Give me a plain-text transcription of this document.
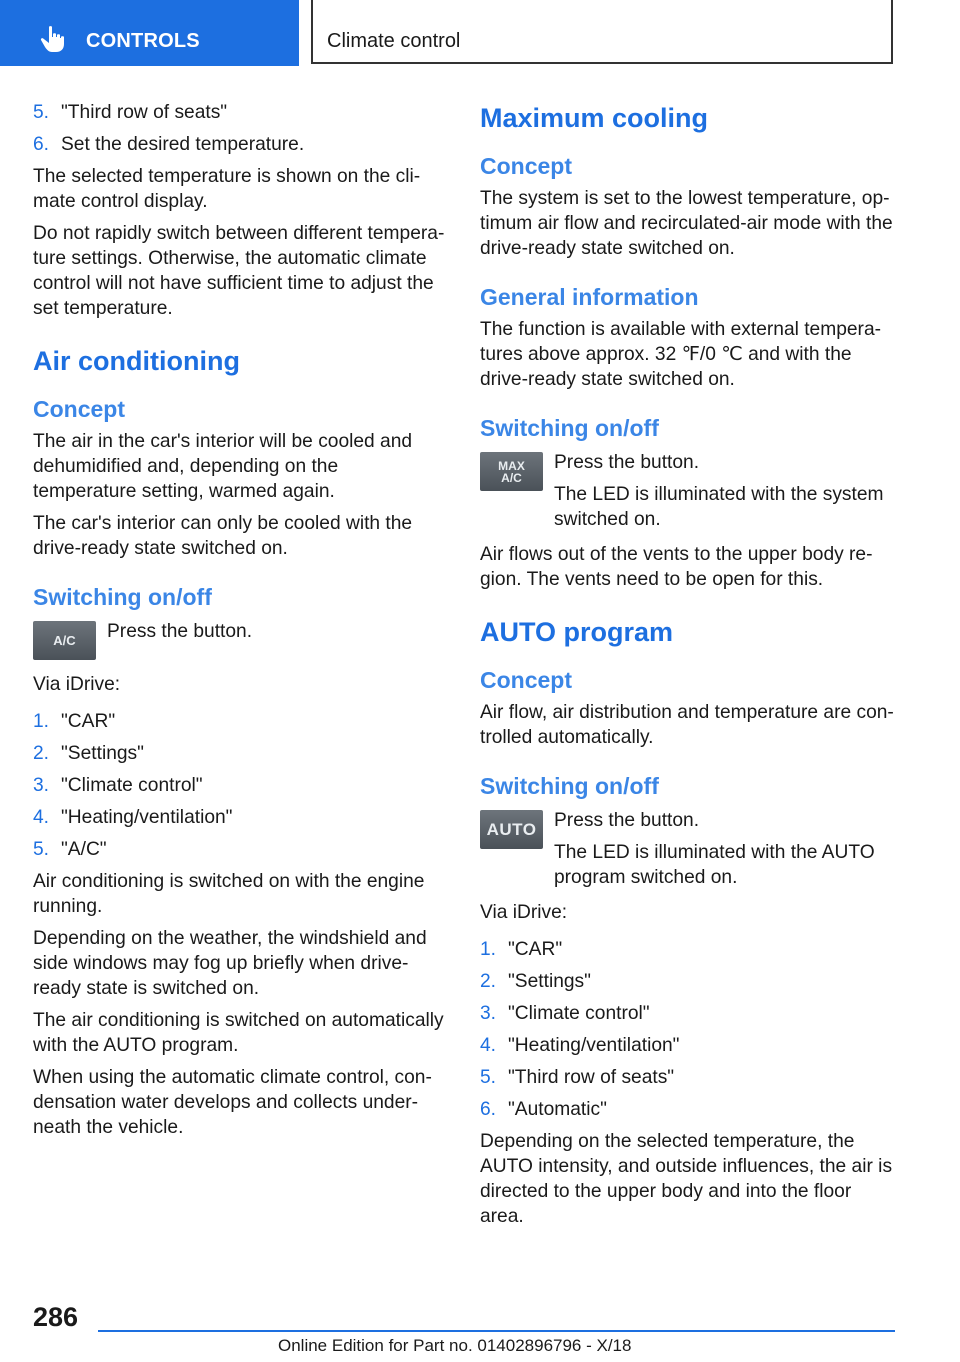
CONTROLS	Climate control
5. "Third row of seats"
6. Set the desired temperature.

The selected temperature is shown on the climate control display.

Do not rapidly switch between different temperature settings. Otherwise, the automatic climate control will not have sufficient time to adjust the set temperature.

Air conditioning
Concept

The air in the car's interior will be cooled and dehumidified and, depending on the temperature setting, warmed again.

The car's interior can only be cooled with the drive-ready state switched on.

Switching on/off
A/C	Press the button.

Via iDrive:

1. "CAR"
2. "Settings"
3. "Climate control"
4. "Heating/ventilation"
5. "A/C"

Air conditioning is switched on with the engine running.

Depending on the weather, the windshield and side windows may fog up briefly when drive-ready state is switched on.

The air conditioning is switched on automatically with the AUTO program.

When using the automatic climate control, condensation water develops and collects underneath the vehicle.

Maximum cooling
Concept

The system is set to the lowest temperature, optimum air flow and recirculated-air mode with the drive-ready state switched on.

General information

The function is available with external temperatures above approx. 32 ℉/0 ℃ and with the drive-ready state switched on.

Switching on/off
MAX
A/C

Press the button.

The LED is illuminated with the system switched on.

Air flows out of the vents to the upper body region. The vents need to be open for this.

AUTO program
Concept

Air flow, air distribution and temperature are controlled automatically.

Switching on/off
AUTO Press the button.

The LED is illuminated with the AUTO program switched on.

Via iDrive:

1. "CAR"
2. "Settings"
3. "Climate control"
4. "Heating/ventilation"
5. "Third row of seats"
6. "Automatic"

Depending on the selected temperature, the AUTO intensity, and outside influences, the air is directed to the upper body and into the floor area.

286
Online Edition for Part no. 01402896796 - X/18
